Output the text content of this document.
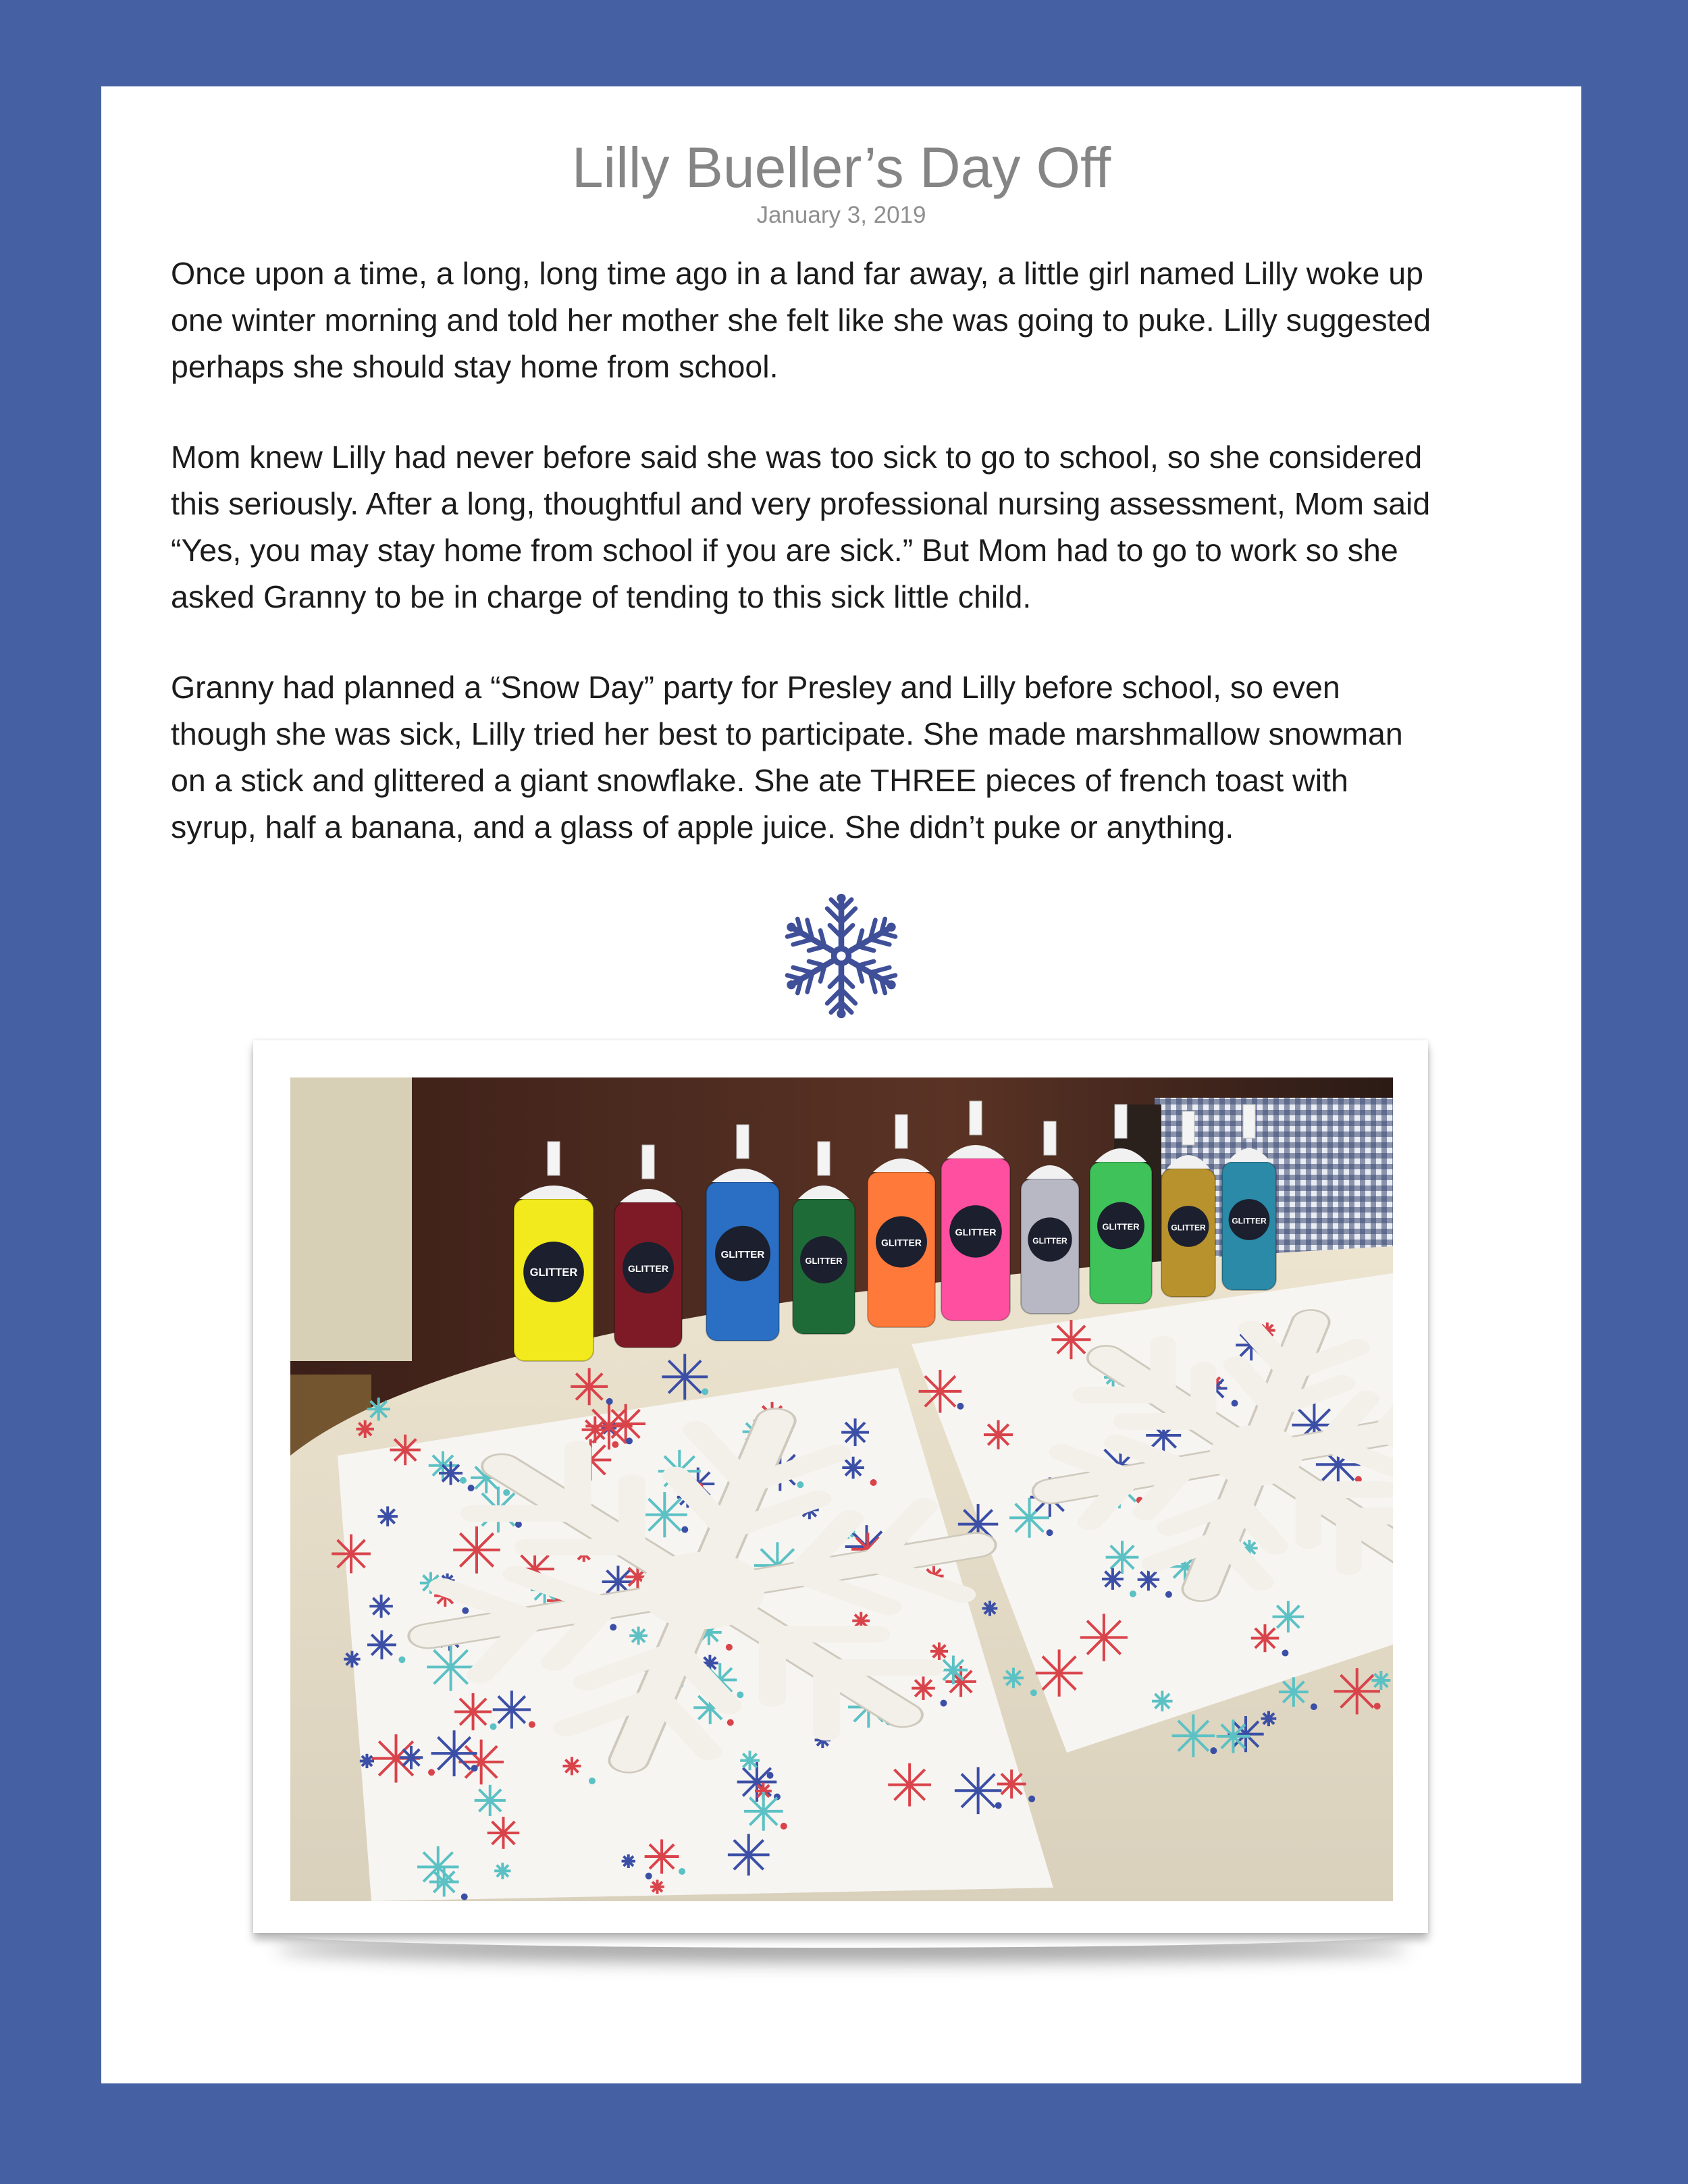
Lilly Bueller’s Day Off
January 3, 2019

Once upon a time, a long, long time ago in a land far away, a little girl named Lilly woke up
one winter morning and told her mother she felt like she was going to puke. Lilly suggested
perhaps she should stay home from school.

Mom knew Lilly had never before said she was too sick to go to school, so she considered
this seriously. After a long, thoughtful and very professional nursing assessment, Mom said
“Yes, you may stay home from school if you are sick.” But Mom had to go to work so she
asked Granny to be in charge of tending to this sick little child.

Granny had planned a “Snow Day” party for Presley and Lilly before school, so even
though she was sick, Lilly tried her best to participate. She made marshmallow snowman
on a stick and glittered a giant snowflake. She ate THREE pieces of french toast with
syrup, half a banana, and a glass of apple juice. She didn’t puke or anything.

GLITTER	GLITTER
GLITTER
GLITTER
GLITTER
GLITTER
GLITTER
GLITTER	GLITTER
GLITTER
